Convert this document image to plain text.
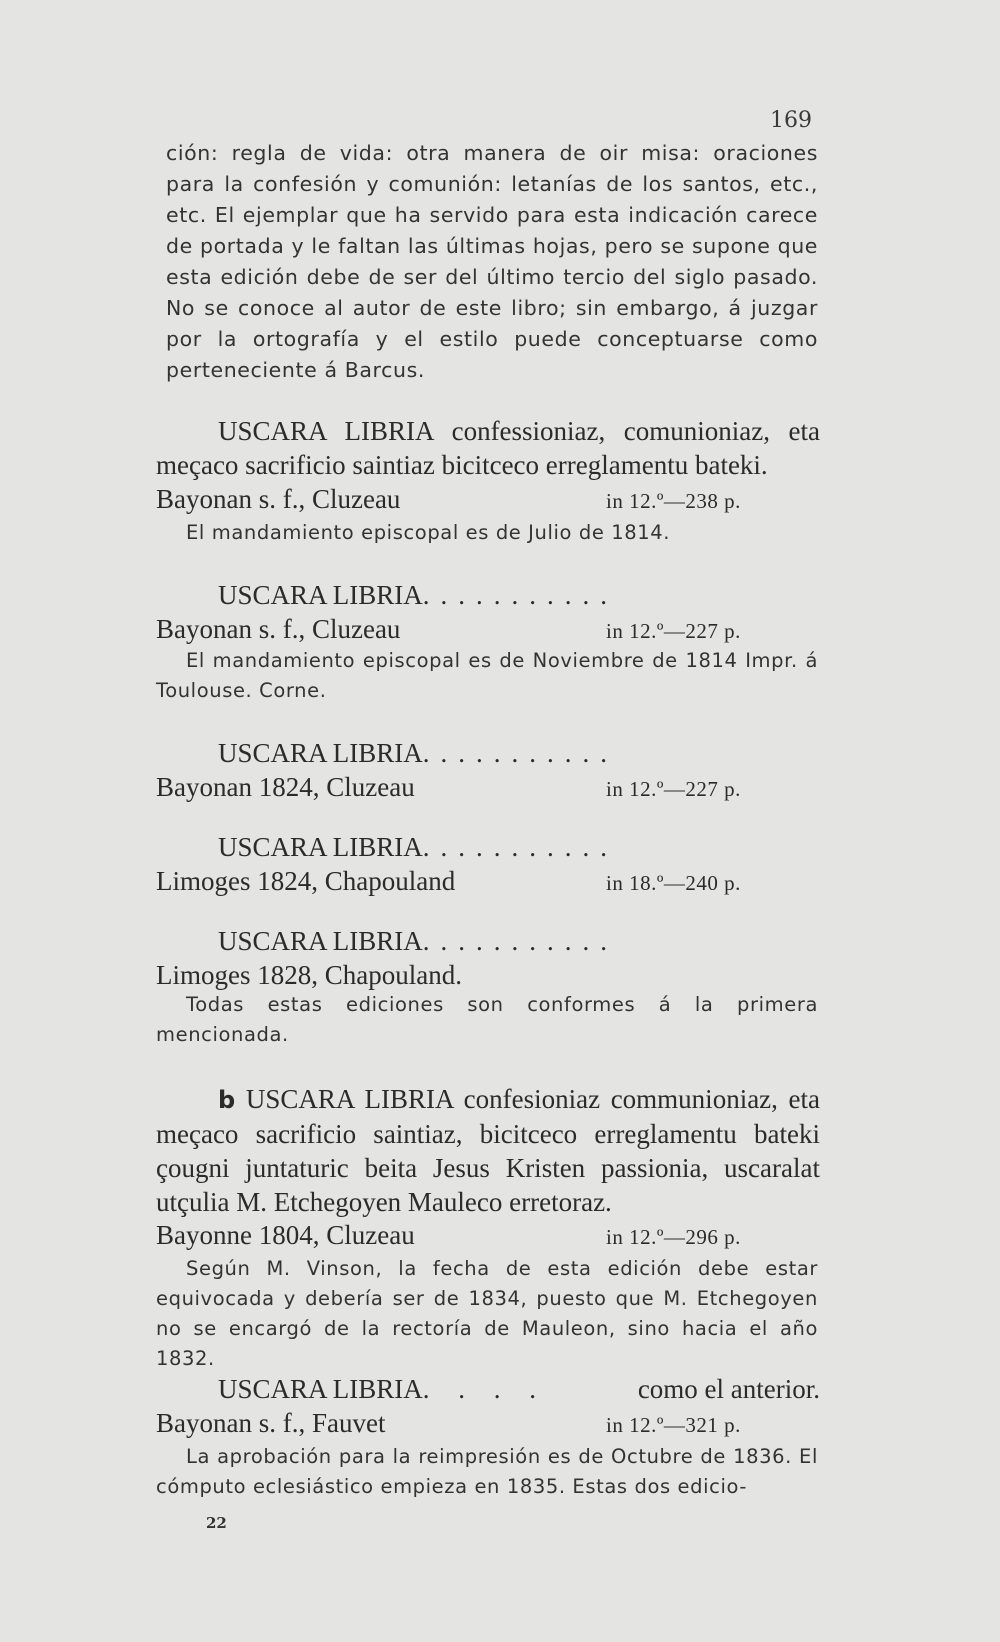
169
ción: regla de vida: otra manera de oir misa: oraciones para la confesión y comunión: letanías de los santos, etc., etc. El ejemplar que ha servido para esta indicación carece de portada y le faltan las últimas hojas, pero se supone que esta edición debe de ser del último tercio del siglo pasado. No se conoce al autor de este libro; sin embargo, á juzgar por la ortografía y el estilo puede conceptuarse como perteneciente á Barcus.
USCARA LIBRIA confessioniaz, comunioniaz, eta meçaco sacrificio saintiaz bicitceco erreglamentu bateki.
Bayonan s. f., Cluzeau	in 12.º—238 p.
El mandamiento episcopal es de Julio de 1814.
USCARA LIBRIA...........
Bayonan s. f., Cluzeau	in 12.º—227 p.
El mandamiento episcopal es de Noviembre de 1814 Impr. á Toulouse. Corne.
USCARA LIBRIA...........
Bayonan 1824, Cluzeau	in 12.º—227 p.
USCARA LIBRIA...........
Limoges 1824, Chapouland	in 18.º—240 p.
USCARA LIBRIA...........
Limoges 1828, Chapouland.
Todas estas ediciones son conformes á la primera mencionada.
b USCARA LIBRIA confesioniaz communioniaz, eta meçaco sacrificio saintiaz, bicitceco erreglamentu bateki çougni juntaturic beita Jesus Kristen passionia, uscaralat utçulia M. Etchegoyen Mauleco erretoraz.
Bayonne 1804, Cluzeau	in 12.º—296 p.
Según M. Vinson, la fecha de esta edición debe estar equivocada y debería ser de 1834, puesto que M. Etchegoyen no se encargó de la rectoría de Mauleon, sino hacia el año 1832.
USCARA LIBRIA. . . .	como el anterior.
Bayonan s. f., Fauvet	in 12.º—321 p.
La aprobación para la reimpresión es de Octubre de 1836. El cómputo eclesiástico empieza en 1835. Estas dos edicio-
22
